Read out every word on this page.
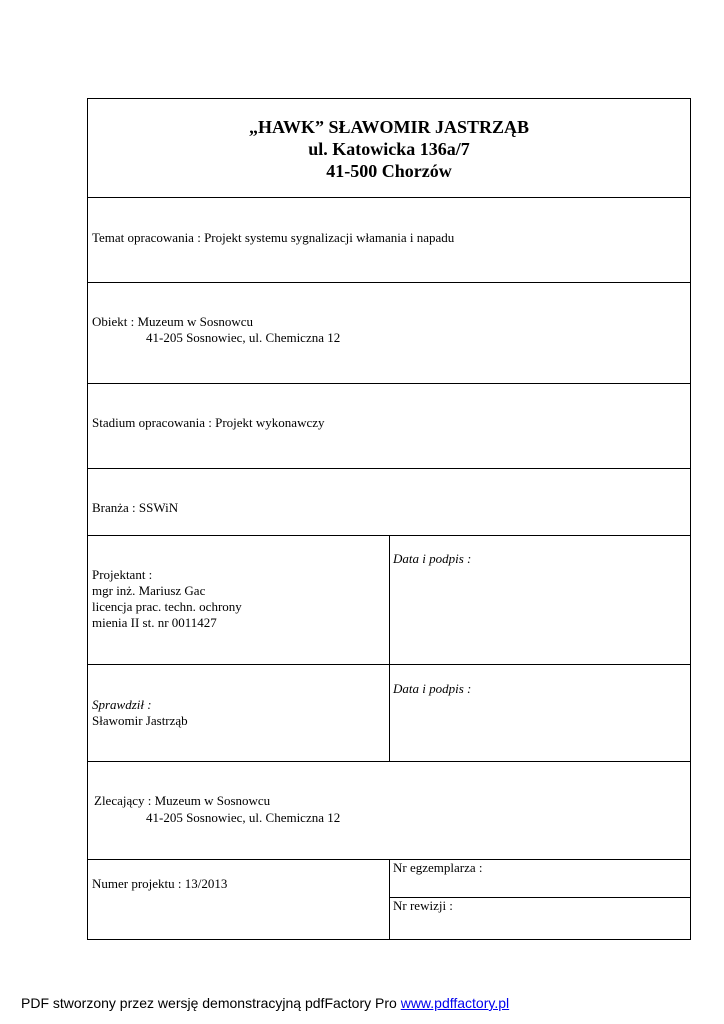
„HAWK” SŁAWOMIR JASTRZĄB
ul. Katowicka 136a/7
41-500 Chorzów
Temat opracowania : Projekt systemu sygnalizacji włamania i napadu
Obiekt : Muzeum w Sosnowcu
41-205 Sosnowiec, ul. Chemiczna 12
Stadium opracowania : Projekt wykonawczy
Branża : SSWiN
Projektant :
mgr inż. Mariusz Gac
licencja prac. techn. ochrony
mienia II st. nr 0011427
Data i podpis :
Sprawdził :
Sławomir Jastrząb
Data i podpis :
Zlecający : Muzeum w Sosnowcu
41-205 Sosnowiec, ul. Chemiczna 12
Numer projektu : 13/2013
Nr egzemplarza :
Nr rewizji :
PDF stworzony przez wersję demonstracyjną pdfFactory Pro www.pdffactory.pl
